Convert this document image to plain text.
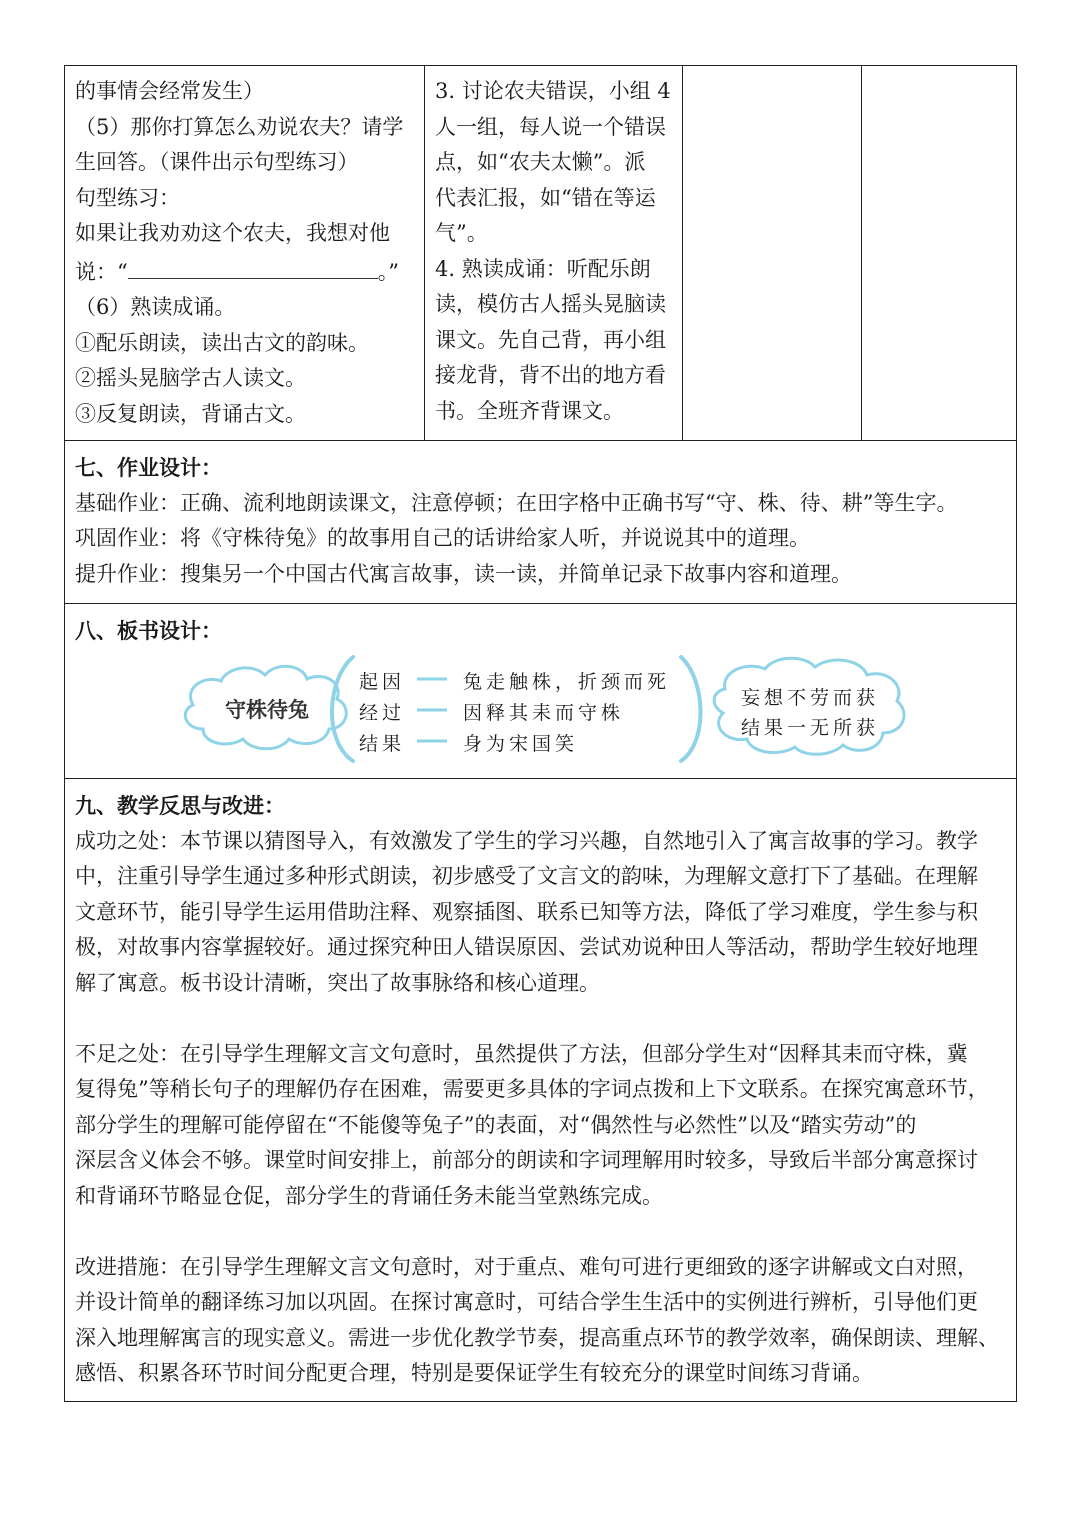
的事情会经常发生）
（5）那你打算怎么劝说农夫？请学
生回答。（课件出示句型练习）
句型练习：
如果让我劝劝这个农夫，我想对他
说：“	。”
（6）熟读成诵。
①配乐朗读，读出古文的韵味。
②摇头晃脑学古人读文。
③反复朗读，背诵古文。
3. 讨论农夫错误，小组 4
人一组，每人说一个错误
点，如“农夫太懒”。派
代表汇报，如“错在等运
气”。
4. 熟读成诵：听配乐朗
读，模仿古人摇头晃脑读
课文。先自己背，再小组
接龙背，背不出的地方看
书。全班齐背课文。
七、作业设计：
基础作业：正确、流利地朗读课文，注意停顿；在田字格中正确书写“守、株、待、耕”等生字。
巩固作业：将《守株待兔》的故事用自己的话讲给家人听，并说说其中的道理。
提升作业：搜集另一个中国古代寓言故事，读一读，并简单记录下故事内容和道理。
八、板书设计：
守株待兔
起因
经过
结果
兔走触株，折颈而死
因释其耒而守株
身为宋国笑
妄想不劳而获
结果一无所获
九、教学反思与改进：
成功之处：本节课以猜图导入，有效激发了学生的学习兴趣，自然地引入了寓言故事的学习。教学
中，注重引导学生通过多种形式朗读，初步感受了文言文的韵味，为理解文意打下了基础。在理解
文意环节，能引导学生运用借助注释、观察插图、联系已知等方法，降低了学习难度，学生参与积
极，对故事内容掌握较好。通过探究种田人错误原因、尝试劝说种田人等活动，帮助学生较好地理
解了寓意。板书设计清晰，突出了故事脉络和核心道理。
不足之处：在引导学生理解文言文句意时，虽然提供了方法，但部分学生对“因释其耒而守株，冀
复得兔”等稍长句子的理解仍存在困难，需要更多具体的字词点拨和上下文联系。在探究寓意环节，
部分学生的理解可能停留在“不能傻等兔子”的表面，对“偶然性与必然性”以及“踏实劳动”的
深层含义体会不够。课堂时间安排上，前部分的朗读和字词理解用时较多，导致后半部分寓意探讨
和背诵环节略显仓促，部分学生的背诵任务未能当堂熟练完成。
改进措施：在引导学生理解文言文句意时，对于重点、难句可进行更细致的逐字讲解或文白对照，
并设计简单的翻译练习加以巩固。在探讨寓意时，可结合学生生活中的实例进行辨析，引导他们更
深入地理解寓言的现实意义。需进一步优化教学节奏，提高重点环节的教学效率，确保朗读、理解、
感悟、积累各环节时间分配更合理，特别是要保证学生有较充分的课堂时间练习背诵。
